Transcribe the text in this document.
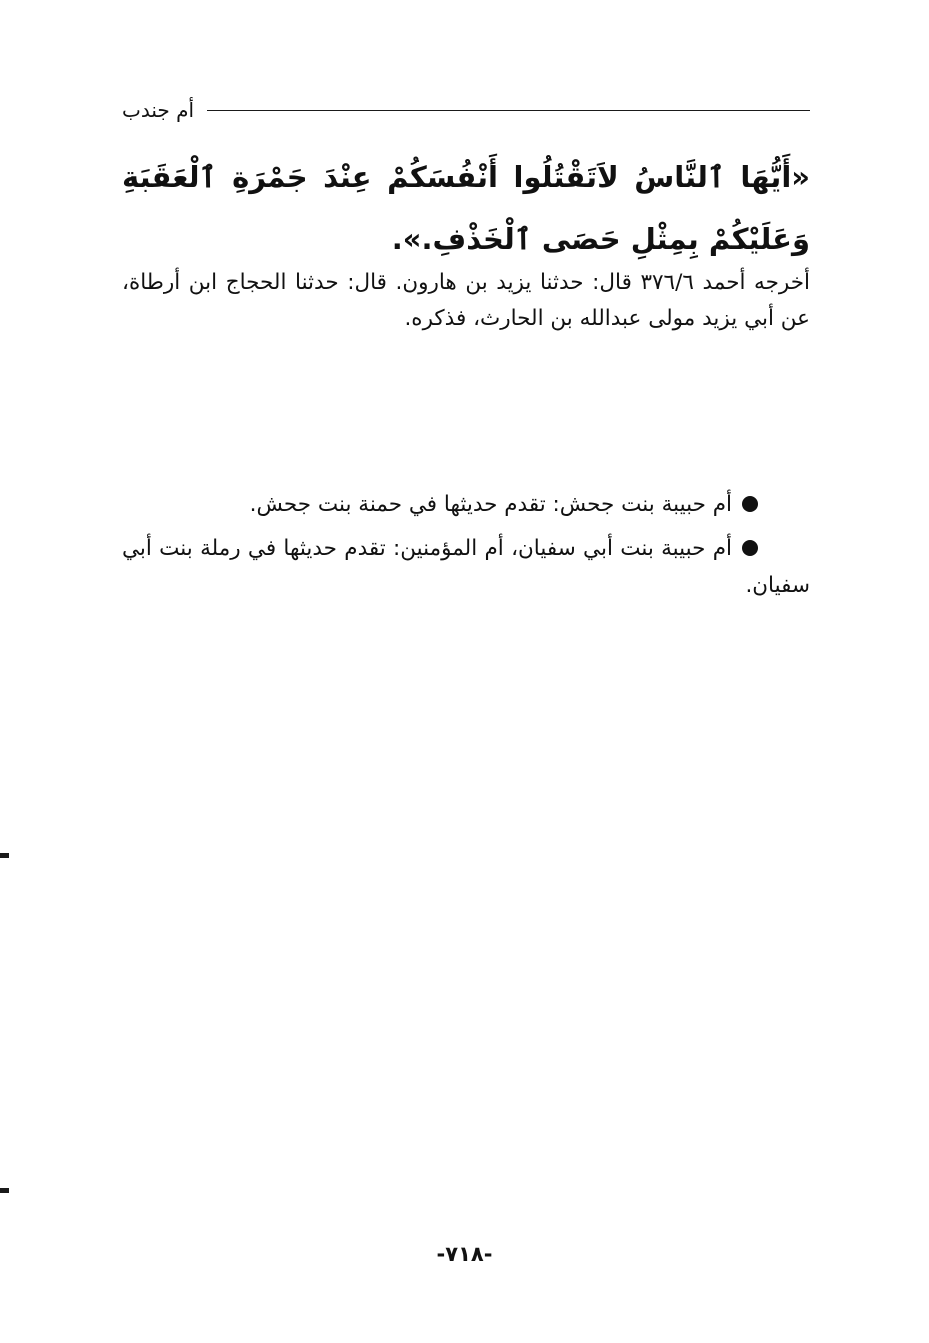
أم جندب
«أَيُّهَا ٱلنَّاسُ لاَتَقْتُلُوا أَنْفُسَكُمْ عِنْدَ جَمْرَةِ ٱلْعَقَبَةِ وَعَلَيْكُمْ بِمِثْلِ حَصَى ٱلْخَذْفِ.».
أخرجه أحمد ٣٧٦/٦ قال: حدثنا يزيد بن هارون. قال: حدثنا الحجاج ابن أرطاة، عن أبي يزيد مولى عبدالله بن الحارث، فذكره.
أم حبيبة بنت جحش: تقدم حديثها في حمنة بنت جحش.
أم حبيبة بنت أبي سفيان، أم المؤمنين: تقدم حديثها في رملة بنت أبي سفيان.
-٧١٨-
